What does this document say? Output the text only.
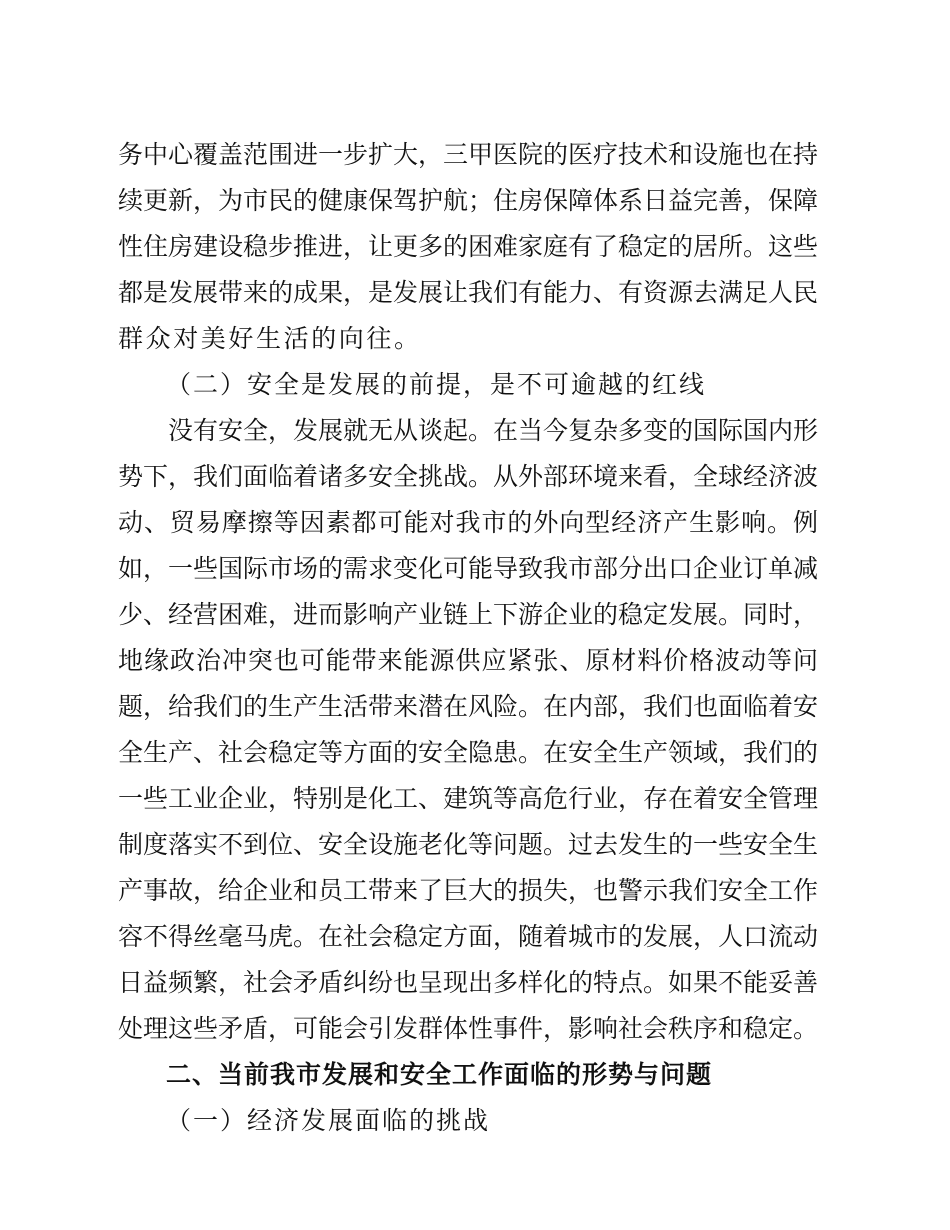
务中心覆盖范围进一步扩大，三甲医院的医疗技术和设施也在持
续更新，为市民的健康保驾护航；住房保障体系日益完善，保障
性住房建设稳步推进，让更多的困难家庭有了稳定的居所。这些
都是发展带来的成果，是发展让我们有能力、有资源去满足人民
群众对美好生活的向往。
（二）安全是发展的前提，是不可逾越的红线
没有安全，发展就无从谈起。在当今复杂多变的国际国内形
势下，我们面临着诸多安全挑战。从外部环境来看，全球经济波
动、贸易摩擦等因素都可能对我市的外向型经济产生影响。例
如，一些国际市场的需求变化可能导致我市部分出口企业订单减
少、经营困难，进而影响产业链上下游企业的稳定发展。同时，
地缘政治冲突也可能带来能源供应紧张、原材料价格波动等问
题，给我们的生产生活带来潜在风险。在内部，我们也面临着安
全生产、社会稳定等方面的安全隐患。在安全生产领域，我们的
一些工业企业，特别是化工、建筑等高危行业，存在着安全管理
制度落实不到位、安全设施老化等问题。过去发生的一些安全生
产事故，给企业和员工带来了巨大的损失，也警示我们安全工作
容不得丝毫马虎。在社会稳定方面，随着城市的发展，人口流动
日益频繁，社会矛盾纠纷也呈现出多样化的特点。如果不能妥善
处理这些矛盾，可能会引发群体性事件，影响社会秩序和稳定。
二、当前我市发展和安全工作面临的形势与问题
（一）经济发展面临的挑战
